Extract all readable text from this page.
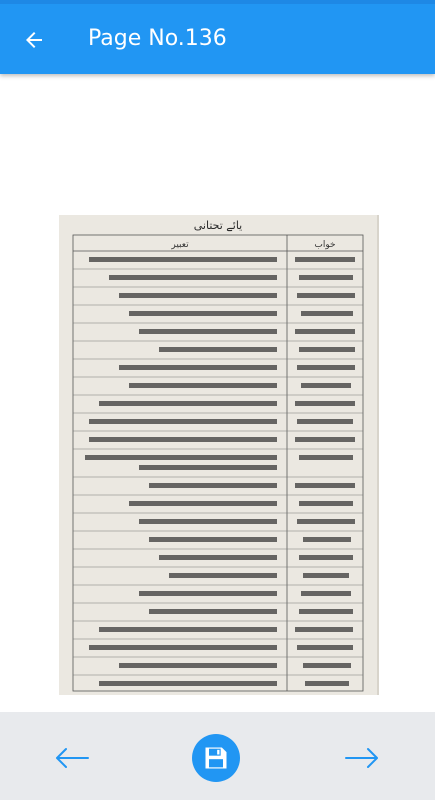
Page No.136
یائے تحتانی
خواب
تعبیر
